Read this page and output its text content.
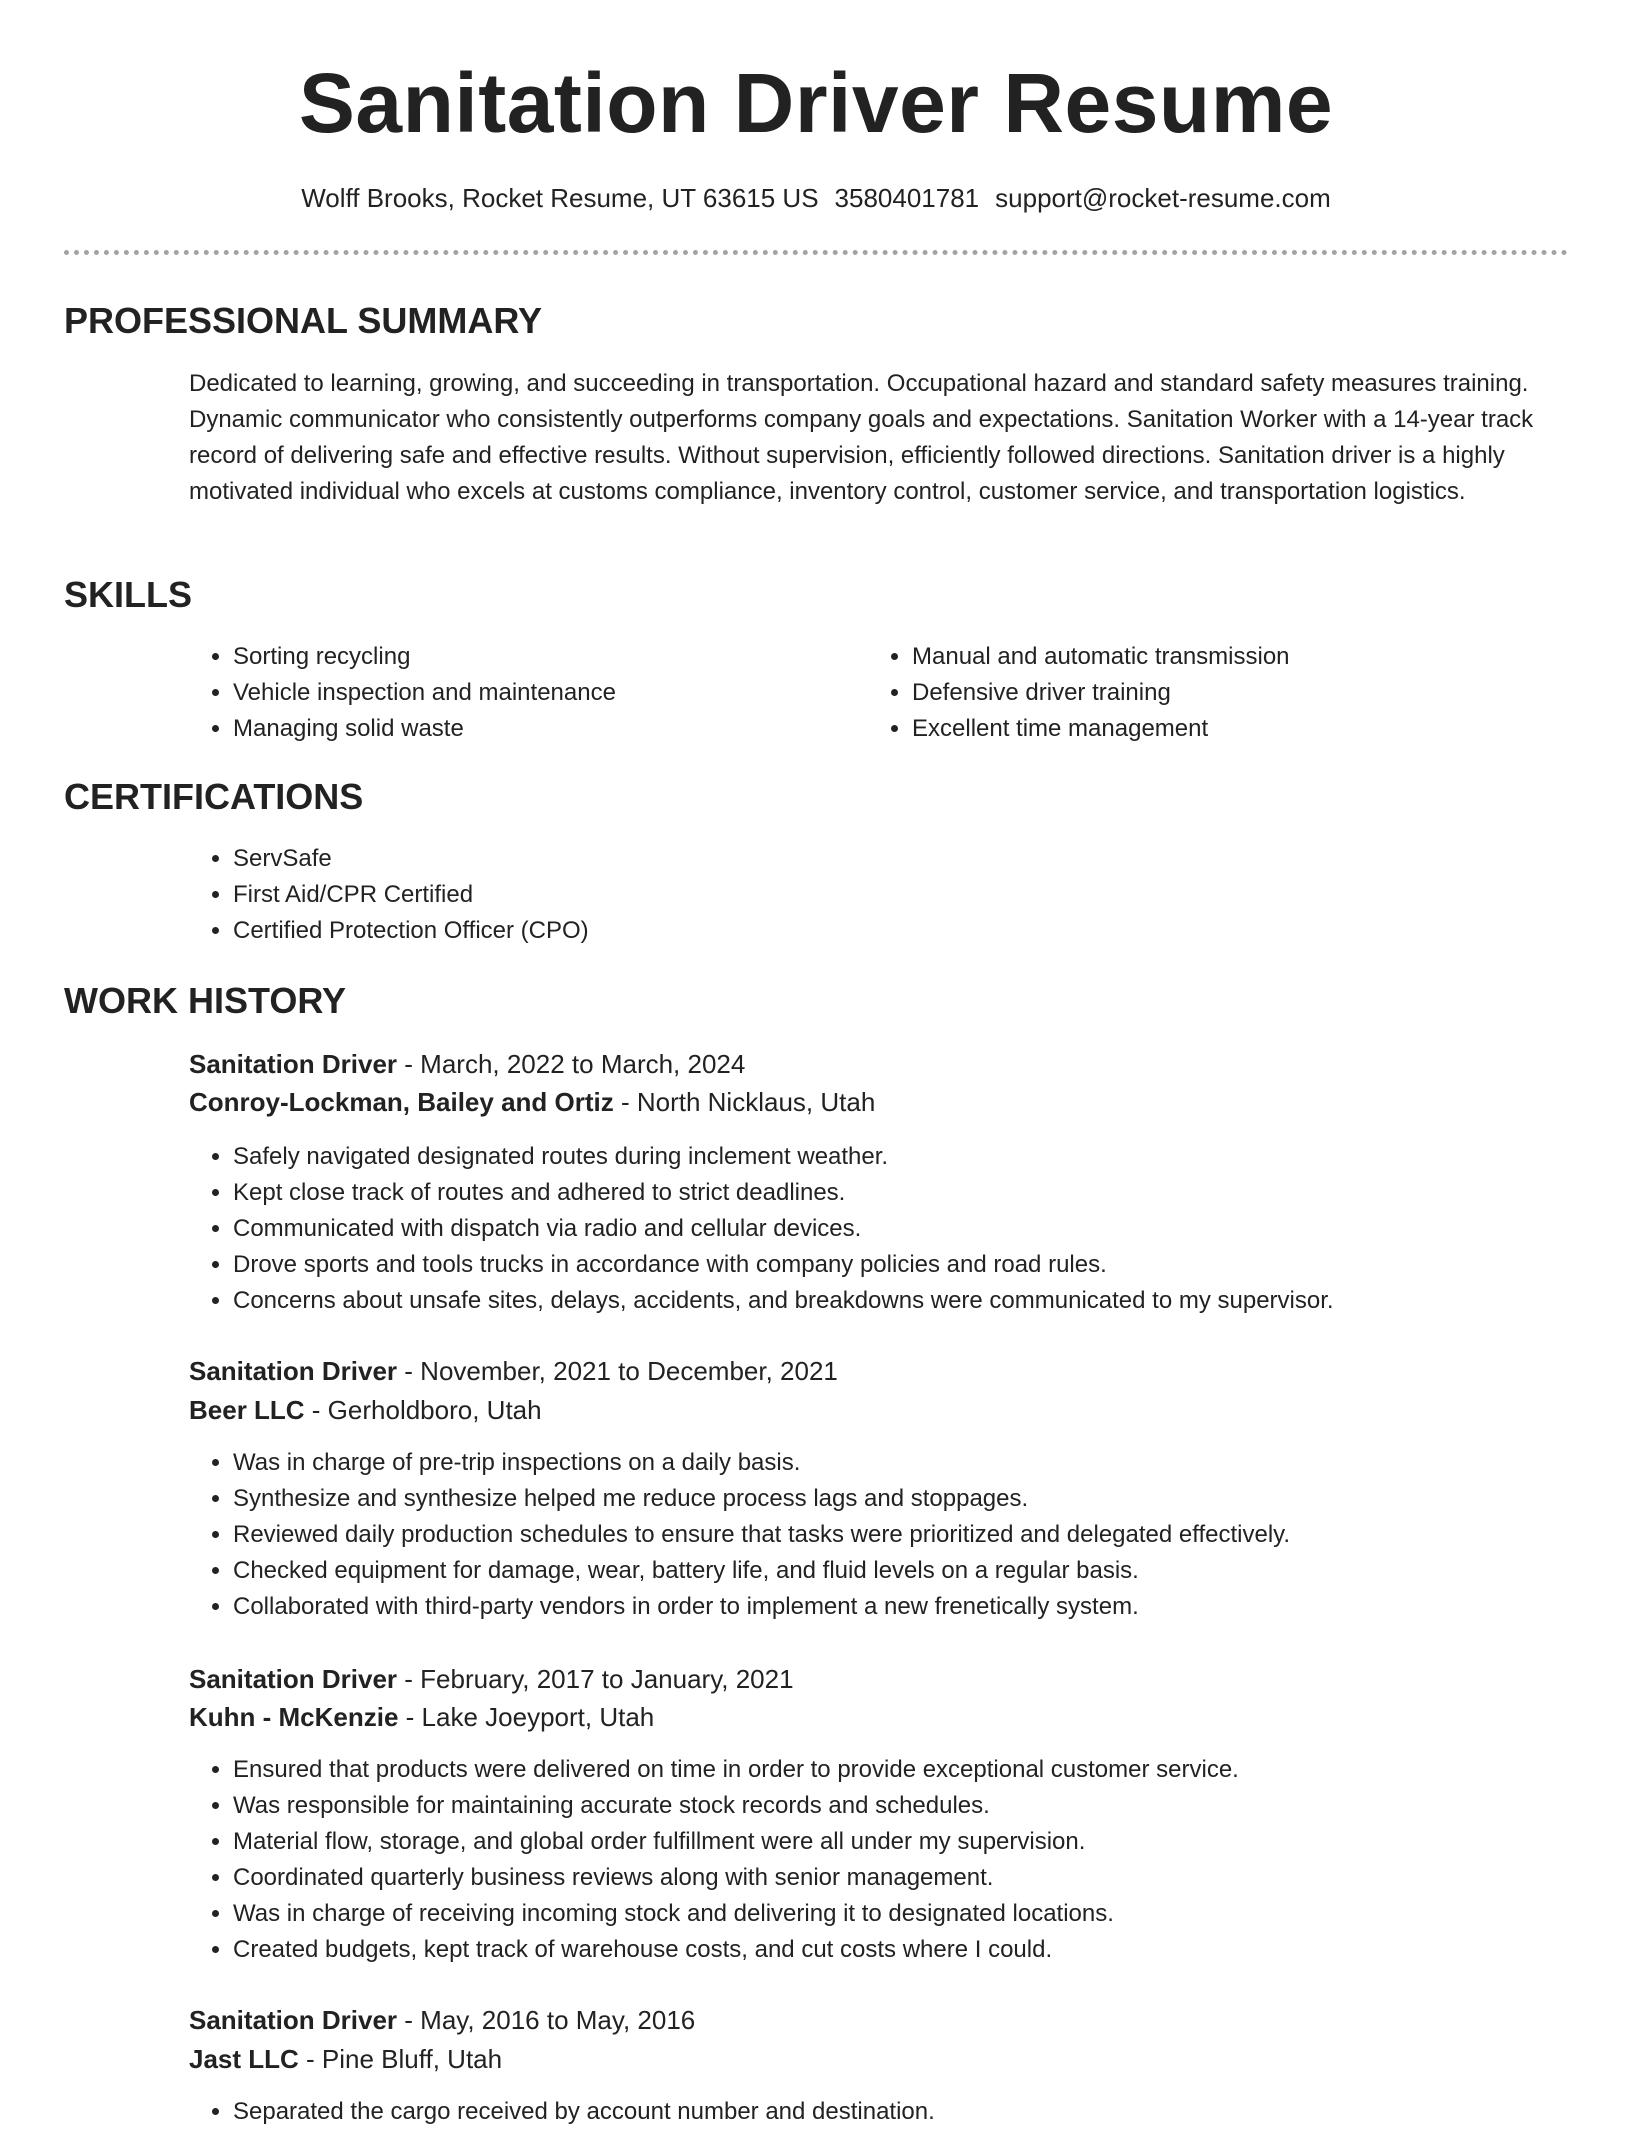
Sanitation Driver Resume
Wolff Brooks, Rocket Resume, UT 63615 US 3580401781 support@rocket-resume.com
PROFESSIONAL SUMMARY

Dedicated to learning, growing, and succeeding in transportation. Occupational hazard and standard safety measures training. Dynamic communicator who consistently outperforms company goals and expectations. Sanitation Worker with a 14-year track record of delivering safe and effective results. Without supervision, efficiently followed directions. Sanitation driver is a highly motivated individual who excels at customs compliance, inventory control, customer service, and transportation logistics.

SKILLS
• Sorting recycling
• Vehicle inspection and maintenance
• Managing solid waste
• Manual and automatic transmission
• Defensive driver training
• Excellent time management
CERTIFICATIONS
• ServSafe
• First Aid/CPR Certified
• Certified Protection Officer (CPO)
WORK HISTORY
Sanitation Driver - March, 2022 to March, 2024
Conroy-Lockman, Bailey and Ortiz - North Nicklaus, Utah
• Safely navigated designated routes during inclement weather.
• Kept close track of routes and adhered to strict deadlines.
• Communicated with dispatch via radio and cellular devices.
• Drove sports and tools trucks in accordance with company policies and road rules.
• Concerns about unsafe sites, delays, accidents, and breakdowns were communicated to my supervisor.
Sanitation Driver - November, 2021 to December, 2021
Beer LLC - Gerholdboro, Utah
• Was in charge of pre-trip inspections on a daily basis.
• Synthesize and synthesize helped me reduce process lags and stoppages.
• Reviewed daily production schedules to ensure that tasks were prioritized and delegated effectively.
• Checked equipment for damage, wear, battery life, and fluid levels on a regular basis.
• Collaborated with third-party vendors in order to implement a new frenetically system.
Sanitation Driver - February, 2017 to January, 2021
Kuhn - McKenzie - Lake Joeyport, Utah
• Ensured that products were delivered on time in order to provide exceptional customer service.
• Was responsible for maintaining accurate stock records and schedules.
• Material flow, storage, and global order fulfillment were all under my supervision.
• Coordinated quarterly business reviews along with senior management.
• Was in charge of receiving incoming stock and delivering it to designated locations.
• Created budgets, kept track of warehouse costs, and cut costs where I could.
Sanitation Driver - May, 2016 to May, 2016
Jast LLC - Pine Bluff, Utah
• Separated the cargo received by account number and destination.
